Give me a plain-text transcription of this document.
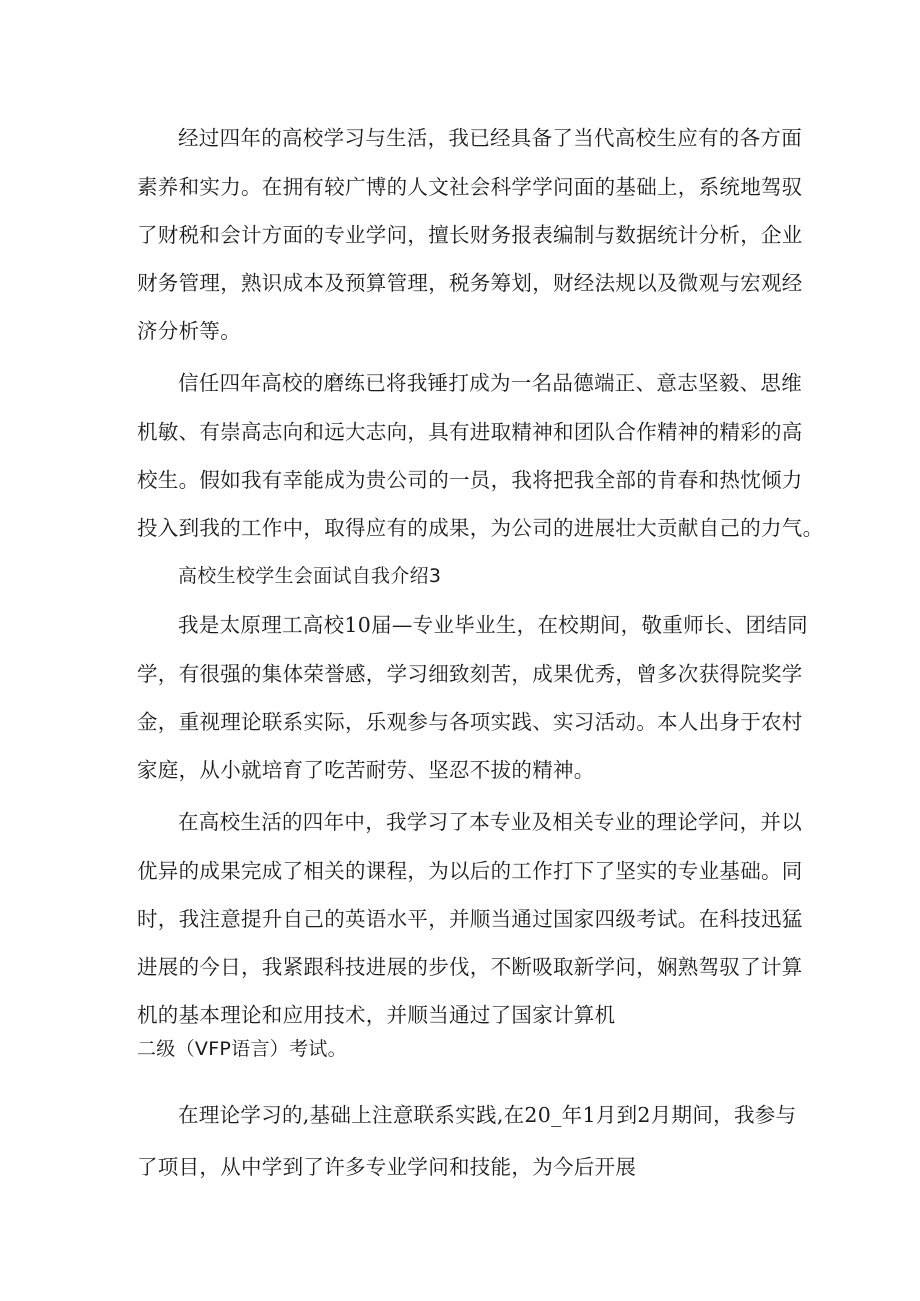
经过四年的高校学习与生活，我已经具备了当代高校生应有的各方面
素养和实力。在拥有较广博的人文社会科学学问面的基础上，系统地驾驭
了财税和会计方面的专业学问，擅长财务报表编制与数据统计分析，企业
财务管理，熟识成本及预算管理，税务筹划，财经法规以及微观与宏观经
济分析等。
信任四年高校的磨练已将我锤打成为一名品德端正、意志坚毅、思维
机敏、有崇高志向和远大志向，具有进取精神和团队合作精神的精彩的高
校生。假如我有幸能成为贵公司的一员，我将把我全部的肯春和热忱倾力
投入到我的工作中，取得应有的成果，为公司的进展壮大贡献自己的力气。
高校生校学生会面试自我介绍3
我是太原理工高校10届—专业毕业生，在校期间，敬重师长、团结同
学，有很强的集体荣誉感，学习细致刻苦，成果优秀，曾多次获得院奖学
金，重视理论联系实际，乐观参与各项实践、实习活动。本人出身于农村
家庭，从小就培育了吃苦耐劳、坚忍不拔的精神。
在高校生活的四年中，我学习了本专业及相关专业的理论学问，并以
优异的成果完成了相关的课程，为以后的工作打下了坚实的专业基础。同
时，我注意提升自己的英语水平，并顺当通过国家四级考试。在科技迅猛
进展的今日，我紧跟科技进展的步伐，不断吸取新学问，娴熟驾驭了计算
机的基本理论和应用技术，并顺当通过了国家计算机
二级（VFP语言）考试。
在理论学习的,基础上注意联系实践,在20_年1月到2月期间，我参与
了项目，从中学到了许多专业学问和技能，为今后开展
